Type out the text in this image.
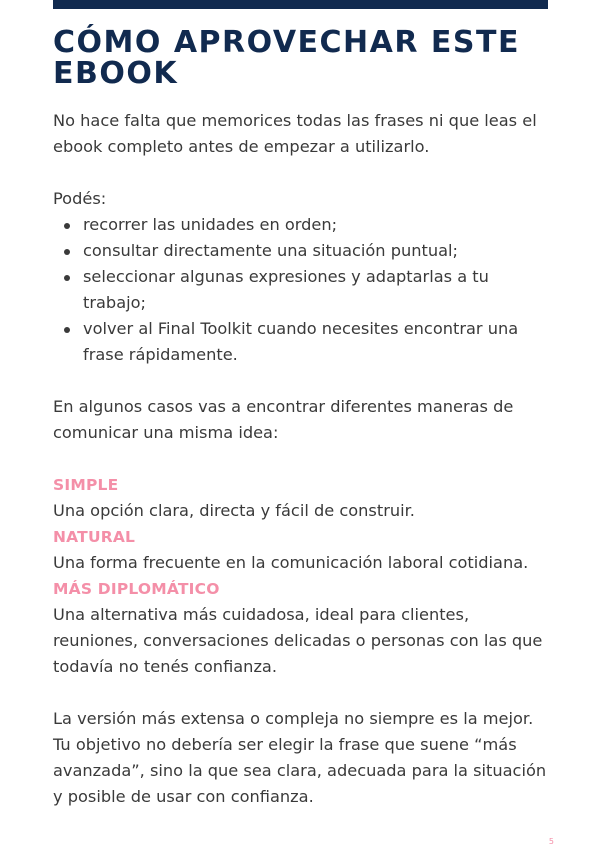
CÓMO APROVECHAR ESTE EBOOK

No hace falta que memorices todas las frases ni que leas el ebook completo antes de empezar a utilizarlo.

Podés:

recorrer las unidades en orden;
consultar directamente una situación puntual;
seleccionar algunas expresiones y adaptarlas a tu trabajo;
volver al Final Toolkit cuando necesites encontrar una frase rápidamente.

En algunos casos vas a encontrar diferentes maneras de comunicar una misma idea:

SIMPLE

Una opción clara, directa y fácil de construir.

NATURAL

Una forma frecuente en la comunicación laboral cotidiana.

MÁS DIPLOMÁTICO

Una alternativa más cuidadosa, ideal para clientes, reuniones, conversaciones delicadas o personas con las que todavía no tenés confianza.

La versión más extensa o compleja no siempre es la mejor. Tu objetivo no debería ser elegir la frase que suene “más avanzada”, sino la que sea clara, adecuada para la situación y posible de usar con confianza.

5
